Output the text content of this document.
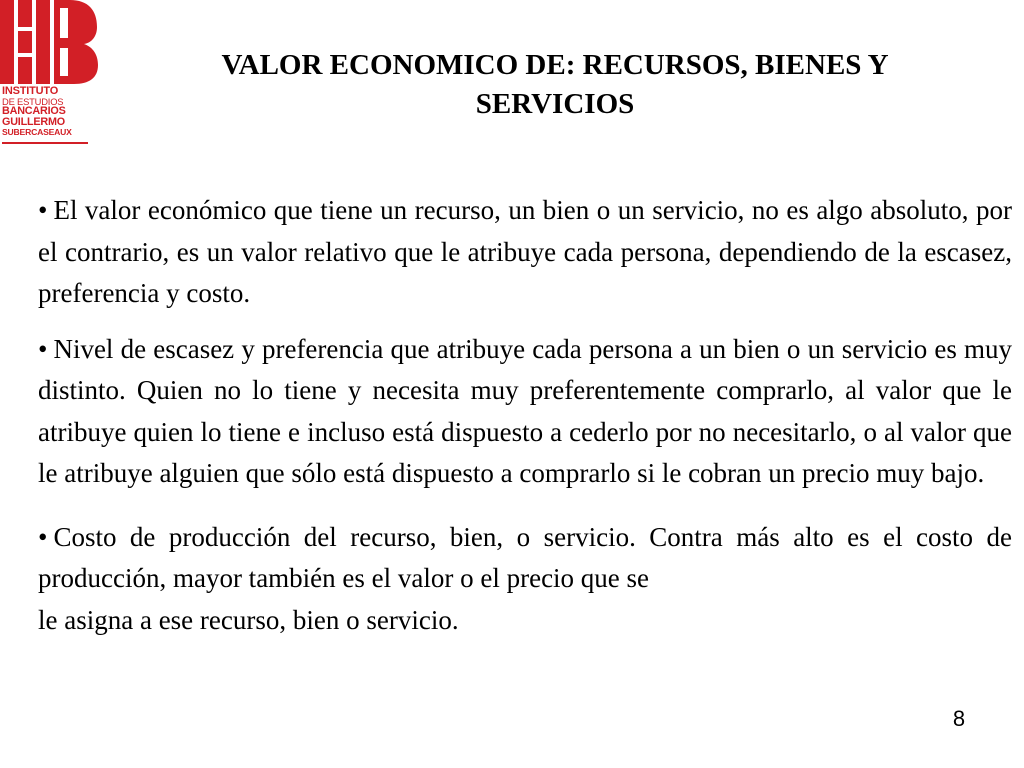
INSTITUTO
DE ESTUDIOS
BANCARIOS
GUILLERMO
SUBERCASEAUX
VALOR ECONOMICO DE: RECURSOS, BIENES Y SERVICIOS

• El valor económico que tiene un recurso, un bien o un servicio, no es algo absoluto, por el contrario, es un valor relativo que le atribuye cada persona, dependiendo de la escasez, preferencia y costo.

• Nivel de escasez y preferencia que atribuye cada persona a un bien o un servicio es muy distinto. Quien no lo tiene y necesita muy preferentemente comprarlo, al valor que le atribuye quien lo tiene e incluso está dispuesto a cederlo por no necesitarlo, o al valor que le atribuye alguien que sólo está dispuesto a comprarlo si le cobran un precio muy bajo.

• Costo de producción del recurso, bien, o servicio. Contra más alto es el costo de producción, mayor también es el valor o el precio que se
le asigna a ese recurso, bien o servicio.

8
